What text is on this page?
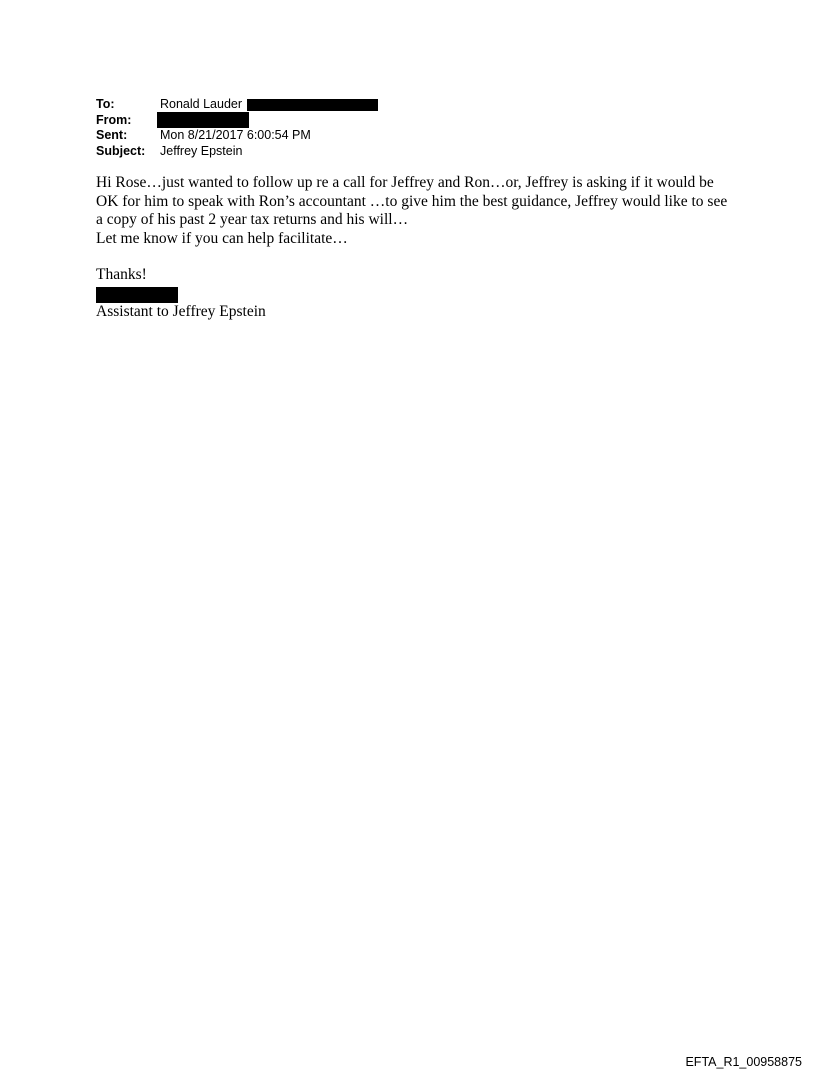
To:	Ronald Lauder
From:
Sent:	Mon 8/21/2017 6:00:54 PM
Subject: Jeffrey Epstein

Hi Rose…just wanted to follow up re a call for Jeffrey and Ron…or, Jeffrey is asking if it would be OK for him to speak with Ron’s accountant …to give him the best guidance, Jeffrey would like to see a copy of his past 2 year tax returns and his will…

Let me know if you can help facilitate…

Thanks!
Assistant to Jeffrey Epstein
EFTA_R1_00958875
